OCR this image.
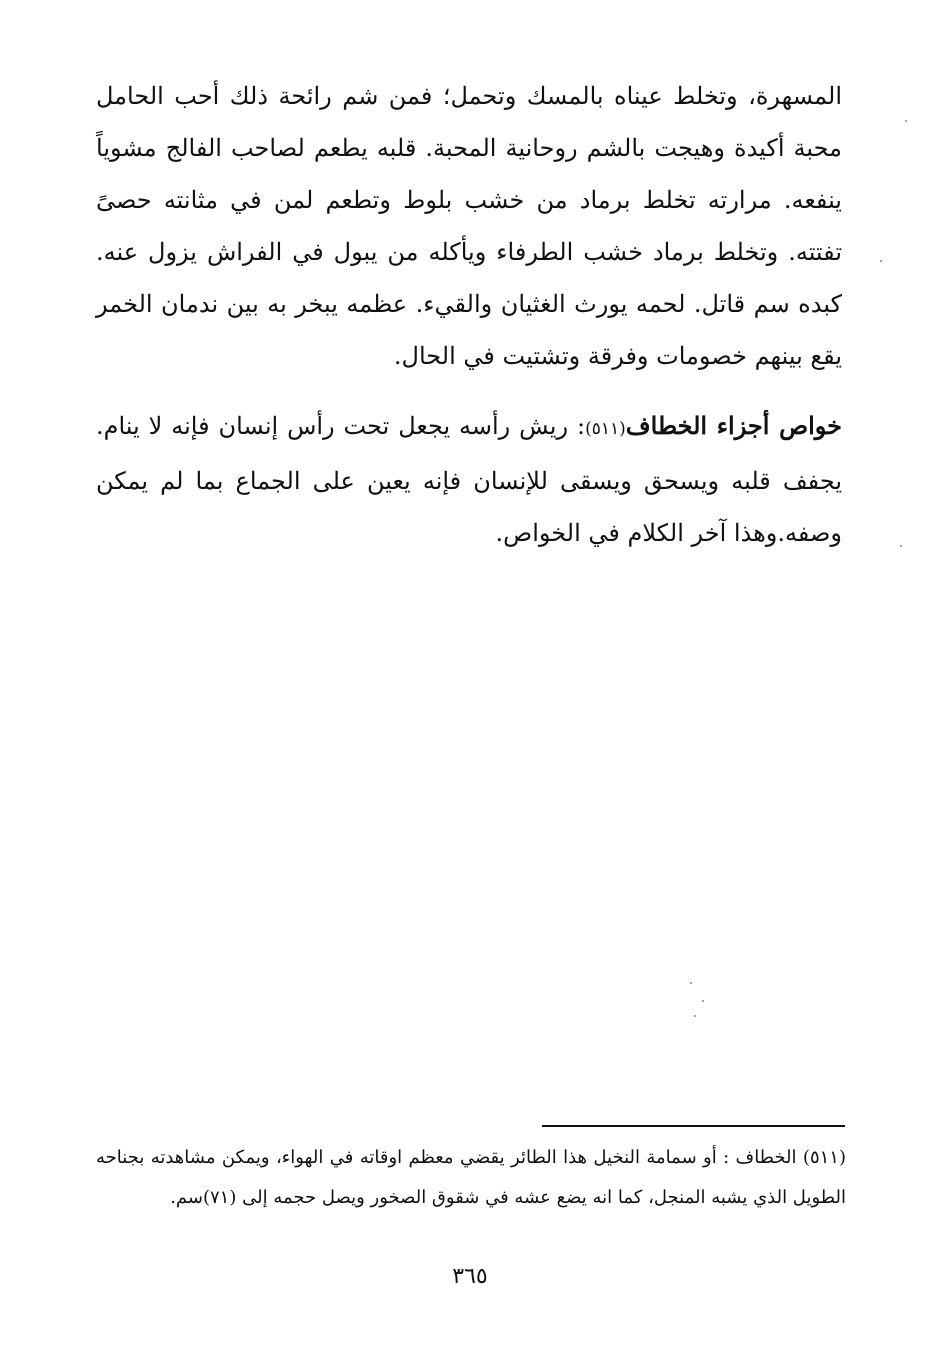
المسهرة، وتخلط عيناه بالمسك وتحمل؛ فمن شم رائحة ذلك أحب الحامل محبة أكيدة وهيجت بالشم روحانية المحبة. قلبه يطعم لصاحب الفالج مشوياً ينفعه. مرارته تخلط برماد من خشب بلوط وتطعم لمن في مثانته حصىً تفتته. وتخلط برماد خشب الطرفاء ويأكله من يبول في الفراش يزول عنه. كبده سم قاتل. لحمه يورث الغثيان والقيء. عظمه يبخر به بين ندمان الخمر يقع بينهم خصومات وفرقة وتشتيت في الحال.
خواص أجزاء الخطاف(٥١١): ريش رأسه يجعل تحت رأس إنسان فإنه لا ينام. يجفف قلبه ويسحق ويسقى للإنسان فإنه يعين على الجماع بما لم يمكن وصفه.وهذا آخر الكلام في الخواص.
(٥١١) الخطاف : أو سمامة النخيل هذا الطائر يقضي معظم اوقاته في الهواء، ويمكن مشاهدته بجناحه الطويل الذي يشبه المنجل، كما انه يضع عشه في شقوق الصخور ويصل حجمه إلى (٧١)سم.
٣٦٥
